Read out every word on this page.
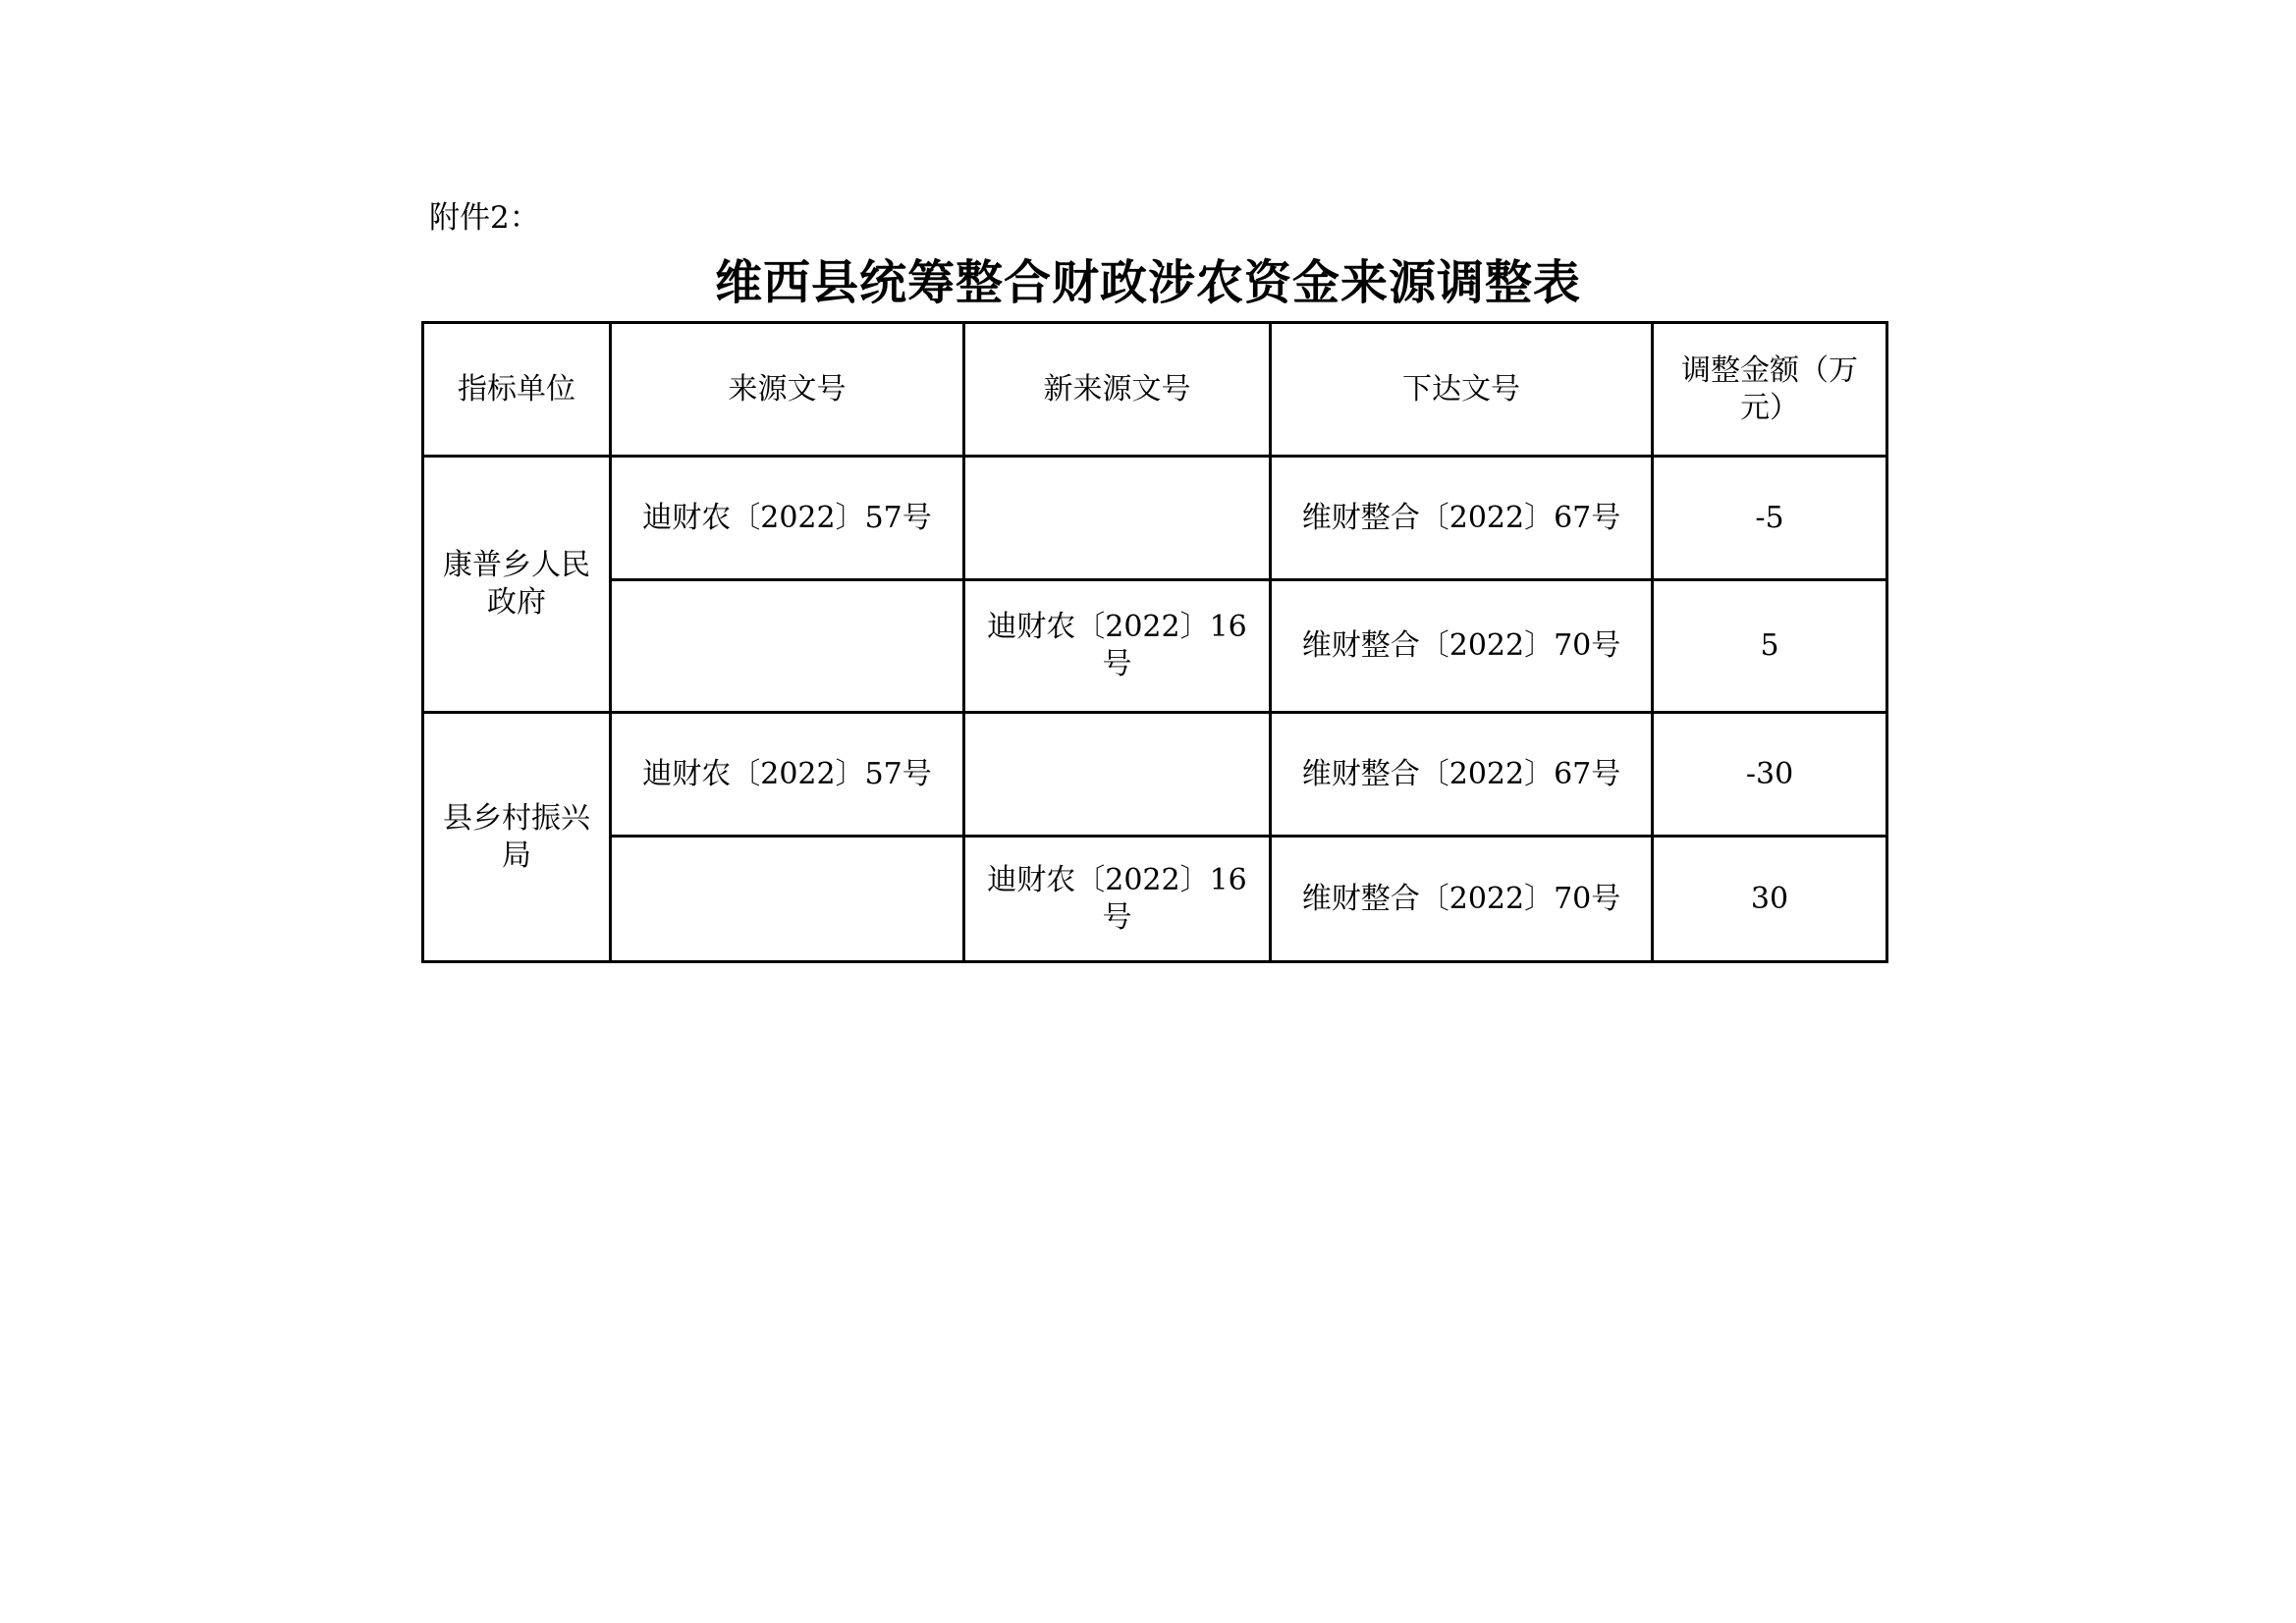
附件2：
维西县统筹整合财政涉农资金来源调整表
指标单位	来源文号	新来源文号	下达文号	调整金额（万元）
康普乡人民政府	迪财农〔2022〕57号		维财整合〔2022〕67号	-5
		迪财农〔2022〕16号	维财整合〔2022〕70号	5
县乡村振兴局	迪财农〔2022〕57号		维财整合〔2022〕67号	-30
		迪财农〔2022〕16号	维财整合〔2022〕70号	30
